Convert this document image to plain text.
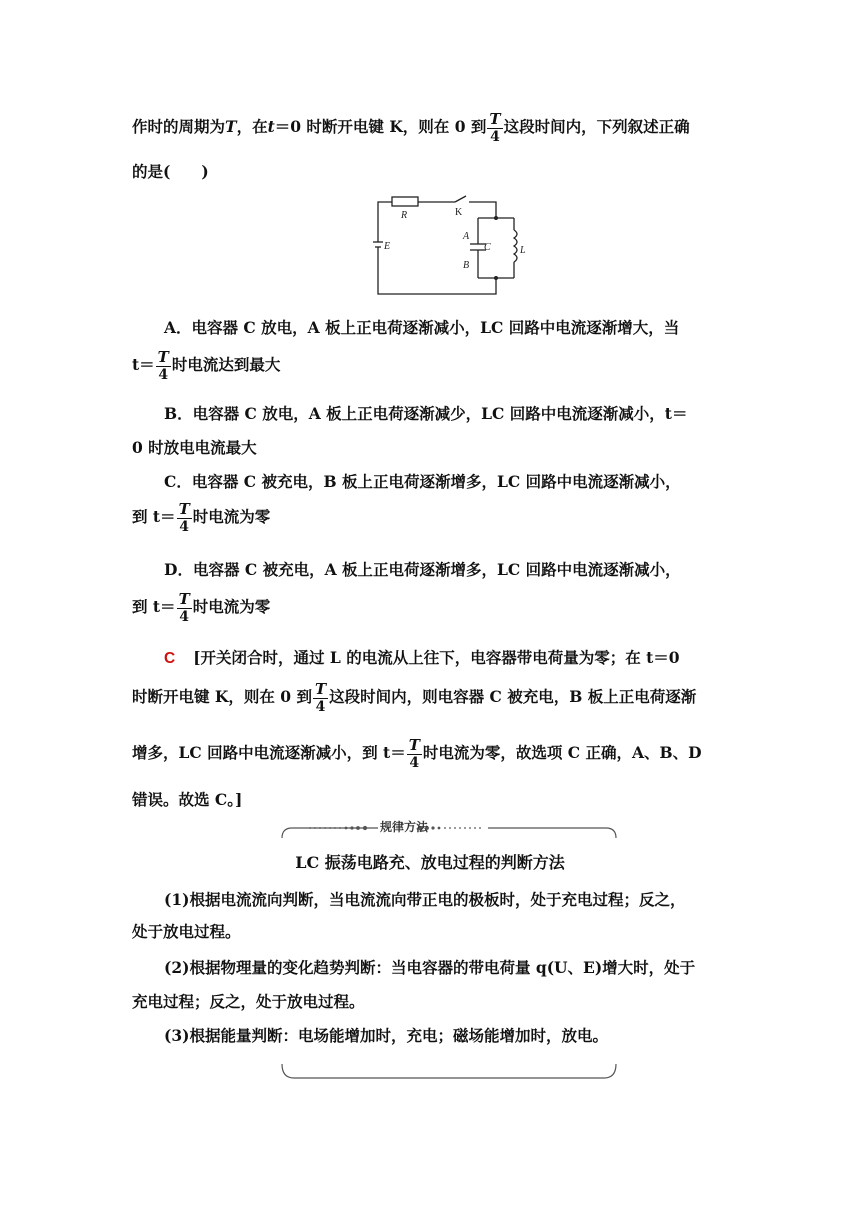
作时的周期为T，在t＝0 时断开电键 K，则在 0 到 $\frac{T}{4}$ 这段时间内，下列叙述正确
的是(　　)
R	K
E
A
C
B
L
A．电容器 C 放电，A 板上正电荷逐渐减小，LC 回路中电流逐渐增大，当
$t= \frac{T}{4}$ 时电流达到最大
B．电容器 C 放电，A 板上正电荷逐渐减少，LC 回路中电流逐渐减小，t＝
0 时放电电流最大
C．电容器 C 被充电，B 板上正电荷逐渐增多，LC 回路中电流逐渐减小，
到 $t= \frac{T}{4}$ 时电流为零
D．电容器 C 被充电，A 板上正电荷逐渐增多，LC 回路中电流逐渐减小，
到 $t= \frac{T}{4}$ 时电流为零
C [开关闭合时，通过 L 的电流从上往下，电容器带电荷量为零；在 t＝0
时断开电键 K，则在 0 到 $\frac{T}{4}$ 这段时间内，则电容器 C 被充电，B 板上正电荷逐渐
增多，LC 回路中电流逐渐减小，到 $t= \frac{T}{4}$ 时电流为零，故选项 C 正确，A、B、D
错误。故选 C。]
规律方法
LC 振荡电路充、放电过程的判断方法
(1)根据电流流向判断，当电流流向带正电的极板时，处于充电过程；反之，
处于放电过程。
(2)根据物理量的变化趋势判断：当电容器的带电荷量 q(U、E)增大时，处于
充电过程；反之，处于放电过程。
(3)根据能量判断：电场能增加时，充电；磁场能增加时，放电。
